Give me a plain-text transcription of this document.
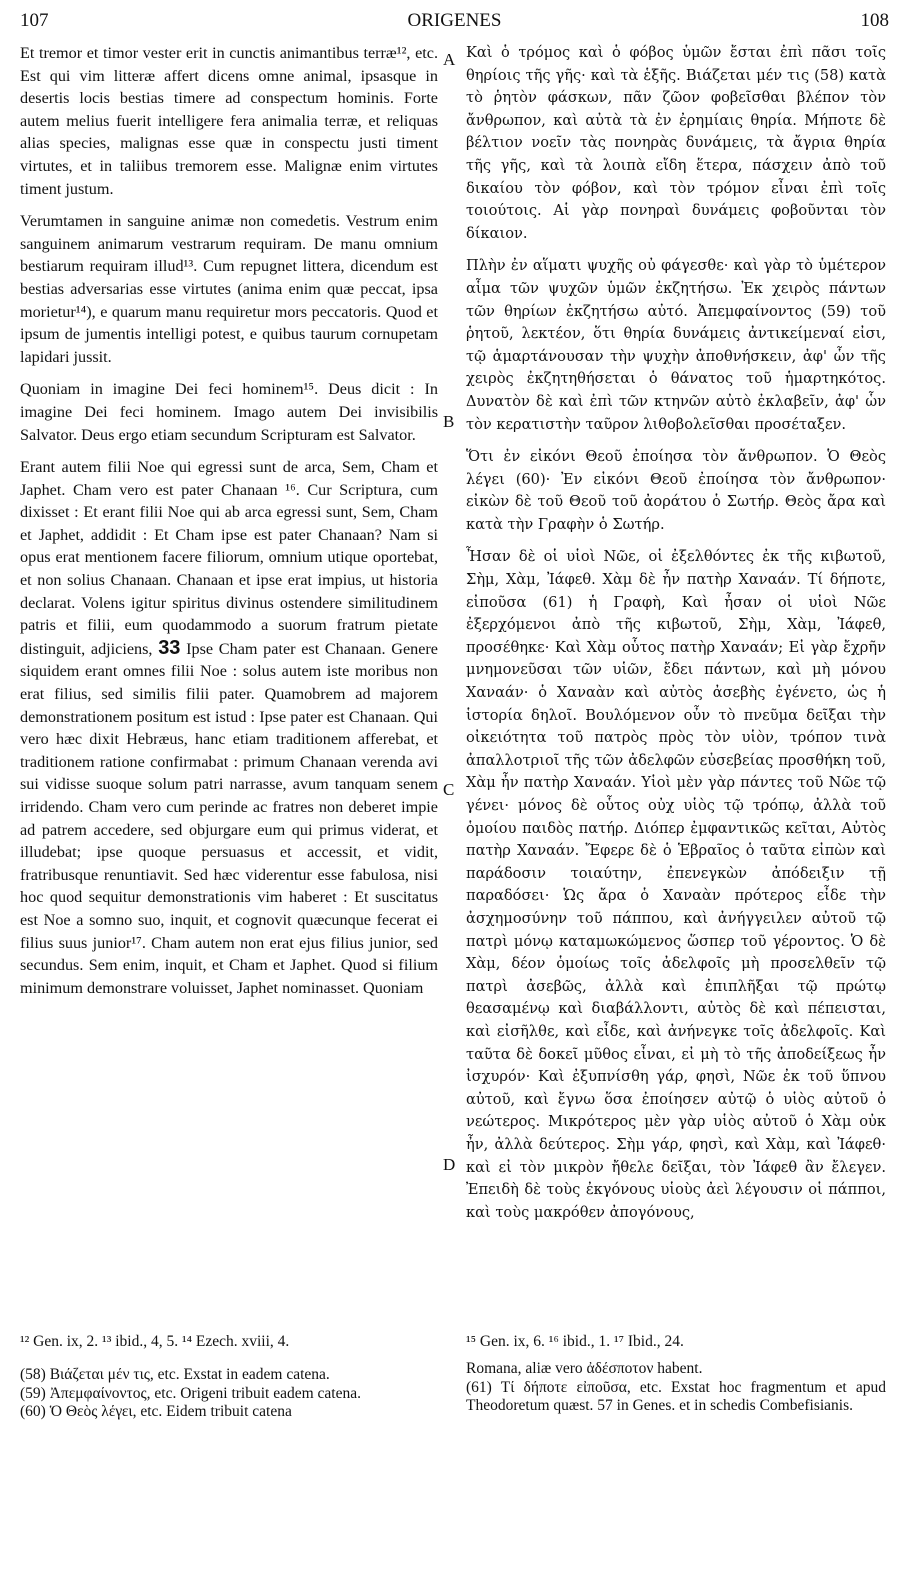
107	ORIGENES	108

Et tremor et timor vester erit in cunctis animantibus terræ¹², etc. Est qui vim litteræ affert dicens omne animal, ipsasque in desertis locis bestias timere ad conspectum hominis. Forte autem melius fuerit intelligere fera animalia terræ, et reliquas alias species, malignas esse quæ in conspectu justi timent virtutes, et in taliibus tremorem esse. Malignæ enim virtutes timent justum.

Verumtamen in sanguine animæ non comedetis. Vestrum enim sanguinem animarum vestrarum requiram. De manu omnium bestiarum requiram illud¹³. Cum repugnet littera, dicendum est bestias adversarias esse virtutes (anima enim quæ peccat, ipsa morietur¹⁴), e quarum manu requiretur mors peccatoris. Quod et ipsum de jumentis intelligi potest, e quibus taurum cornupetam lapidari jussit.

Quoniam in imagine Dei feci hominem¹⁵. Deus dicit : In imagine Dei feci hominem. Imago autem Dei invisibilis Salvator. Deus ergo etiam secundum Scripturam est Salvator.

Erant autem filii Noe qui egressi sunt de arca, Sem, Cham et Japhet. Cham vero est pater Chanaan ¹⁶. Cur Scriptura, cum dixisset : Et erant filii Noe qui ab arca egressi sunt, Sem, Cham et Japhet, addidit : Et Cham ipse est pater Chanaan? Nam si opus erat mentionem facere filiorum, omnium utique oportebat, et non solius Chanaan. Chanaan et ipse erat impius, ut historia declarat. Volens igitur spiritus divinus ostendere similitudinem patris et filii, eum quodammodo a suorum fratrum pietate distinguit, adjiciens, 33 Ipse Cham pater est Chanaan. Genere siquidem erant omnes filii Noe : solus autem iste moribus non erat filius, sed similis filii pater. Quamobrem ad majorem demonstrationem positum est istud : Ipse pater est Chanaan. Qui vero hæc dixit Hebræus, hanc etiam traditionem afferebat, et traditionem ratione confirmabat : primum Chanaan verenda avi sui vidisse suoque solum patri narrasse, avum tanquam senem irridendo. Cham vero cum perinde ac fratres non deberet impie ad patrem accedere, sed objurgare eum qui primus viderat, et illudebat; ipse quoque persuasus et accessit, et vidit, fratribusque renuntiavit. Sed hæc viderentur esse fabulosa, nisi hoc quod sequitur demonstrationis vim haberet : Et suscitatus est Noe a somno suo, inquit, et cognovit quæcunque fecerat ei filius suus junior¹⁷. Cham autem non erat ejus filius junior, sed secundus. Sem enim, inquit, et Cham et Japhet. Quod si filium minimum demonstrare voluisset, Japhet nominasset. Quoniam

Καὶ ὁ τρόμος καὶ ὁ φόβος ὑμῶν ἔσται ἐπὶ πᾶσι τοῖς θηρίοις τῆς γῆς· καὶ τὰ ἑξῆς. Βιάζεται μέν τις (58) κατὰ τὸ ῥητὸν φάσκων, πᾶν ζῶον φοβεῖσθαι βλέπον τὸν ἄνθρωπον, καὶ αὐτὰ τὰ ἐν ἐρημίαις θηρία. Μήποτε δὲ βέλτιον νοεῖν τὰς πονηρὰς δυνάμεις, τὰ ἄγρια θηρία τῆς γῆς, καὶ τὰ λοιπὰ εἴδη ἕτερα, πάσχειν ἀπὸ τοῦ δικαίου τὸν φόβον, καὶ τὸν τρόμον εἶναι ἐπὶ τοῖς τοιούτοις. Αἱ γὰρ πονηραὶ δυνάμεις φοβοῦνται τὸν δίκαιον.

Πλὴν ἐν αἵματι ψυχῆς οὐ φάγεσθε· καὶ γὰρ τὸ ὑμέτερον αἷμα τῶν ψυχῶν ὑμῶν ἐκζητήσω. Ἐκ χειρὸς πάντων τῶν θηρίων ἐκζητήσω αὐτό. Ἀπεμφαίνοντος (59) τοῦ ῥητοῦ, λεκτέον, ὅτι θηρία δυνάμεις ἀντικείμεναί εἰσι, τῷ ἁμαρτάνουσαν τὴν ψυχὴν ἀποθνήσκειν, ἀφ' ὧν τῆς χειρὸς ἐκζητηθήσεται ὁ θάνατος τοῦ ἡμαρτηκότος. Δυνατὸν δὲ καὶ ἐπὶ τῶν κτηνῶν αὐτὸ ἐκλαβεῖν, ἀφ' ὧν τὸν κερατιστὴν ταῦρον λιθοβολεῖσθαι προσέταξεν.

Ὅτι ἐν εἰκόνι Θεοῦ ἐποίησα τὸν ἄνθρωπον. Ὁ Θεὸς λέγει (60)· Ἐν εἰκόνι Θεοῦ ἐποίησα τὸν ἄνθρωπον· εἰκὼν δὲ τοῦ Θεοῦ τοῦ ἀοράτου ὁ Σωτήρ. Θεὸς ἄρα καὶ κατὰ τὴν Γραφὴν ὁ Σωτήρ.

Ἦσαν δὲ οἱ υἱοὶ Νῶε, οἱ ἐξελθόντες ἐκ τῆς κιβωτοῦ, Σὴμ, Χὰμ, Ἰάφεθ. Χὰμ δὲ ἦν πατὴρ Χαναάν. Τί δήποτε, εἰποῦσα (61) ἡ Γραφὴ, Καὶ ἦσαν οἱ υἱοὶ Νῶε ἐξερχόμενοι ἀπὸ τῆς κιβωτοῦ, Σὴμ, Χὰμ, Ἰάφεθ, προσέθηκε· Καὶ Χὰμ οὗτος πατὴρ Χαναάν; Εἰ γὰρ ἔχρῆν μνημονεῦσαι τῶν υἱῶν, ἔδει πάντων, καὶ μὴ μόνου Χαναάν· ὁ Χαναὰν καὶ αὐτὸς ἀσεβὴς ἐγένετο, ὡς ἡ ἱστορία δηλοῖ. Βουλόμενον οὖν τὸ πνεῦμα δεῖξαι τὴν οἰκειότητα τοῦ πατρὸς πρὸς τὸν υἱὸν, τρόπον τινὰ ἀπαλλοτριοῖ τῆς τῶν ἀδελφῶν εὐσεβείας προσθήκη τοῦ, Χὰμ ἦν πατὴρ Χαναάν. Υἱοὶ μὲν γὰρ πάντες τοῦ Νῶε τῷ γένει· μόνος δὲ οὗτος οὐχ υἱὸς τῷ τρόπῳ, ἀλλὰ τοῦ ὁμοίου παιδὸς πατήρ. Διόπερ ἐμφαντικῶς κεῖται, Αὐτὸς πατὴρ Χαναάν. Ἔφερε δὲ ὁ Ἑβραῖος ὁ ταῦτα εἰπὼν καὶ παράδοσιν τοιαύτην, ἐπενεγκὼν ἀπόδειξιν τῇ παραδόσει· Ὡς ἄρα ὁ Χαναὰν πρότερος εἶδε τὴν ἀσχημοσύνην τοῦ πάππου, καὶ ἀνήγγειλεν αὐτοῦ τῷ πατρὶ μόνῳ καταμωκώμενος ὥσπερ τοῦ γέροντος. Ὁ δὲ Χὰμ, δέον ὁμοίως τοῖς ἀδελφοῖς μὴ προσελθεῖν τῷ πατρὶ ἀσεβῶς, ἀλλὰ καὶ ἐπιπλῆξαι τῷ πρώτῳ θεασαμένῳ καὶ διαβάλλοντι, αὐτὸς δὲ καὶ πέπεισται, καὶ εἰσῆλθε, καὶ εἶδε, καὶ ἀνήνεγκε τοῖς ἀδελφοῖς. Καὶ ταῦτα δὲ δοκεῖ μῦθος εἶναι, εἰ μὴ τὸ τῆς ἀποδείξεως ἦν ἰσχυρόν· Καὶ ἐξυπνίσθη γάρ, φησὶ, Νῶε ἐκ τοῦ ὕπνου αὐτοῦ, καὶ ἔγνω ὅσα ἐποίησεν αὐτῷ ὁ υἱὸς αὐτοῦ ὁ νεώτερος. Μικρότερος μὲν γὰρ υἱὸς αὐτοῦ ὁ Χὰμ οὐκ ἦν, ἀλλὰ δεύτερος. Σὴμ γάρ, φησὶ, καὶ Χὰμ, καὶ Ἰάφεθ· καὶ εἰ τὸν μικρὸν ἤθελε δεῖξαι, τὸν Ἰάφεθ ἂν ἔλεγεν. Ἐπειδὴ δὲ τοὺς ἐκγόνους υἱοὺς ἀεὶ λέγουσιν οἱ πάπποι, καὶ τοὺς μακρόθεν ἀπογόνους,

A
B
C
D
¹² Gen. ix, 2. ¹³ ibid., 4, 5. ¹⁴ Ezech. xviii, 4.	¹⁵ Gen. ix, 6. ¹⁶ ibid., 1. ¹⁷ Ibid., 24.

(58) Βιάζεται μέν τις, etc. Exstat in eadem catena.

(59) Ἀπεμφαίνοντος, etc. Origeni tribuit eadem catena.

(60) Ὁ Θεὸς λέγει, etc. Eidem tribuit catena

Romana, aliæ vero ἀδέσποτον habent.

(61) Τί δήποτε εἰποῦσα, etc. Exstat hoc fragmentum et apud Theodoretum quæst. 57 in Genes. et in schedis Combefisianis.
